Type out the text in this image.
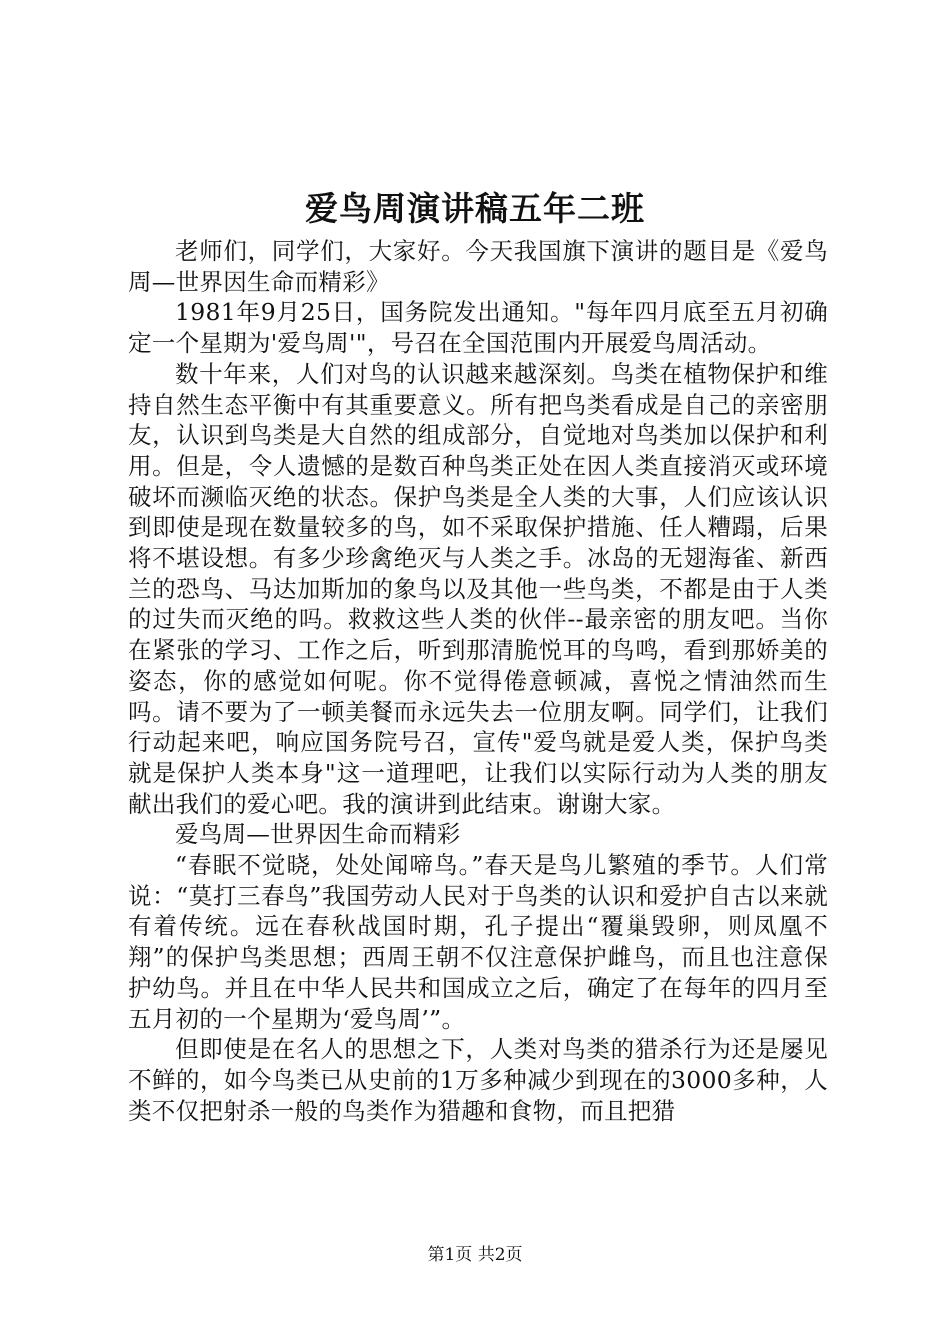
爱鸟周演讲稿五年二班

老师们，同学们，大家好。今天我国旗下演讲的题目是《爱鸟周—世界因生命而精彩》

1981年9月25日，国务院发出通知。"每年四月底至五月初确定一个星期为'爱鸟周'"，号召在全国范围内开展爱鸟周活动。

数十年来，人们对鸟的认识越来越深刻。鸟类在植物保护和维持自然生态平衡中有其重要意义。所有把鸟类看成是自己的亲密朋友，认识到鸟类是大自然的组成部分，自觉地对鸟类加以保护和利用。但是，令人遗憾的是数百种鸟类正处在因人类直接消灭或环境破坏而濒临灭绝的状态。保护鸟类是全人类的大事，人们应该认识到即使是现在数量较多的鸟，如不采取保护措施、任人糟蹋，后果将不堪设想。有多少珍禽绝灭与人类之手。冰岛的无翅海雀、新西兰的恐鸟、马达加斯加的象鸟以及其他一些鸟类，不都是由于人类的过失而灭绝的吗。救救这些人类的伙伴--最亲密的朋友吧。当你在紧张的学习、工作之后，听到那清脆悦耳的鸟鸣，看到那娇美的姿态，你的感觉如何呢。你不觉得倦意顿减，喜悦之情油然而生吗。请不要为了一顿美餐而永远失去一位朋友啊。同学们，让我们行动起来吧，响应国务院号召，宣传"爱鸟就是爱人类，保护鸟类就是保护人类本身"这一道理吧，让我们以实际行动为人类的朋友献出我们的爱心吧。我的演讲到此结束。谢谢大家。

爱鸟周—世界因生命而精彩

“春眠不觉晓，处处闻啼鸟。”春天是鸟儿繁殖的季节。人们常说：“莫打三春鸟”我国劳动人民对于鸟类的认识和爱护自古以来就有着传统。远在春秋战国时期，孔子提出“覆巢毁卵，则凤凰不翔”的保护鸟类思想；西周王朝不仅注意保护雌鸟，而且也注意保护幼鸟。并且在中华人民共和国成立之后，确定了在每年的四月至五月初的一个星期为‘爱鸟周’”。

但即使是在名人的思想之下，人类对鸟类的猎杀行为还是屡见不鲜的，如今鸟类已从史前的1万多种减少到现在的3000多种，人类不仅把射杀一般的鸟类作为猎趣和食物，而且把猎

第1页 共2页
